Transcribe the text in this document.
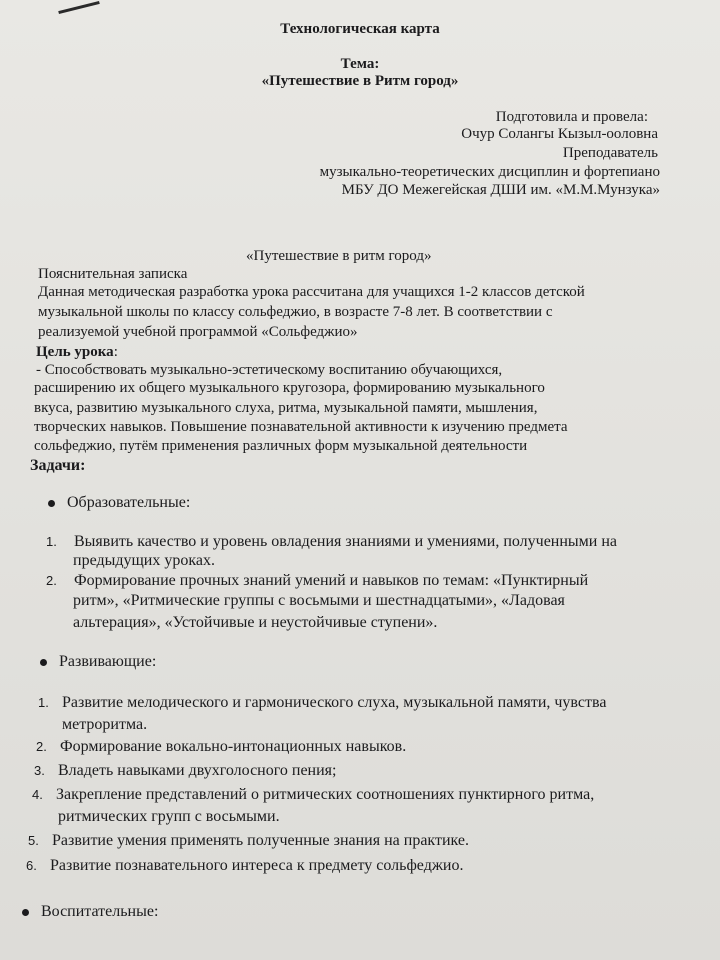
Технологическая карта
Тема:
«Путешествие в Ритм город»
Подготовила и провела:
Очур Солангы Кызыл-ооловна
Преподаватель
музыкально-теоретических дисциплин и фортепиано
МБУ ДО Межегейская ДШИ им. «М.М.Мунзука»
«Путешествие в ритм город»
Пояснительная записка
Данная методическая разработка урока рассчитана для учащихся 1-2 классов детской
музыкальной школы по классу сольфеджио, в возрасте 7-8 лет. В соответствии с
реализуемой учебной программой «Сольфеджио»
Цель урока:
- Способствовать музыкально-эстетическому воспитанию обучающихся,
расширению их общего музыкального кругозора, формированию музыкального
вкуса, развитию музыкального слуха, ритма, музыкальной памяти, мышления,
творческих навыков. Повышение познавательной активности к изучению предмета
сольфеджио, путём применения различных форм музыкальной деятельности
Задачи:
Образовательные:
1. Выявить качество и уровень овладения знаниями и умениями, полученными на
предыдущих уроках.
2. Формирование прочных знаний умений и навыков по темам: «Пунктирный
ритм», «Ритмические группы с восьмыми и шестнадцатыми», «Ладовая
альтерация», «Устойчивые и неустойчивые ступени».
Развивающие:
1. Развитие мелодического и гармонического слуха, музыкальной памяти, чувства
метроритма.
2. Формирование вокально-интонационных навыков.
3. Владеть навыками двухголосного пения;
4. Закрепление представлений о ритмических соотношениях пунктирного ритма,
ритмических групп с восьмыми.
5. Развитие умения применять полученные знания на практике.
6. Развитие познавательного интереса к предмету сольфеджио.
Воспитательные:
